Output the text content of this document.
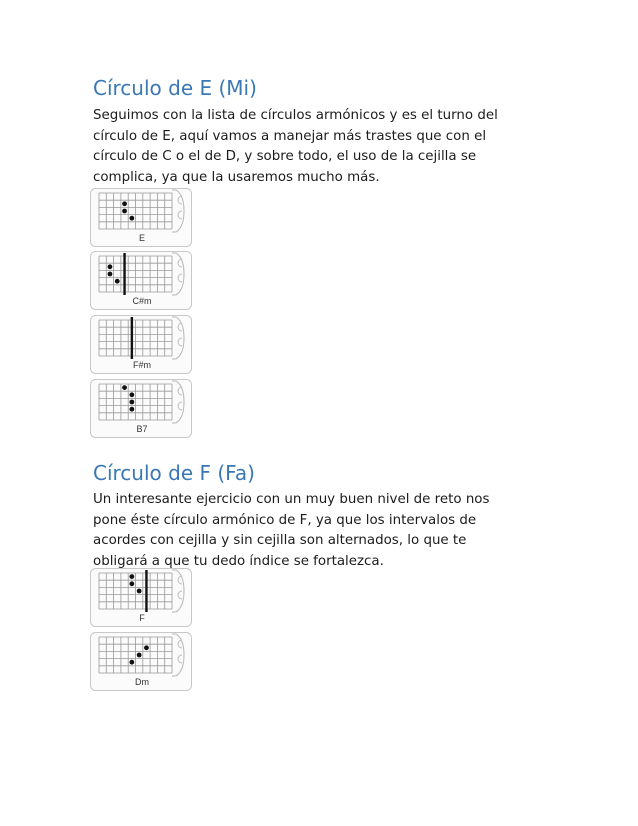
Círculo de E (Mi)

Seguimos con la lista de círculos armónicos y es el turno del
círculo de E, aquí vamos a manejar más trastes que con el
círculo de C o el de D, y sobre todo, el uso de la cejilla se
complica, ya que la usaremos mucho más.

E
C#m
F#m
B7
Círculo de F (Fa)

Un interesante ejercicio con un muy buen nivel de reto nos
pone éste círculo armónico de F, ya que los intervalos de
acordes con cejilla y sin cejilla son alternados, lo que te
obligará a que tu dedo índice se fortalezca.

F
Dm
